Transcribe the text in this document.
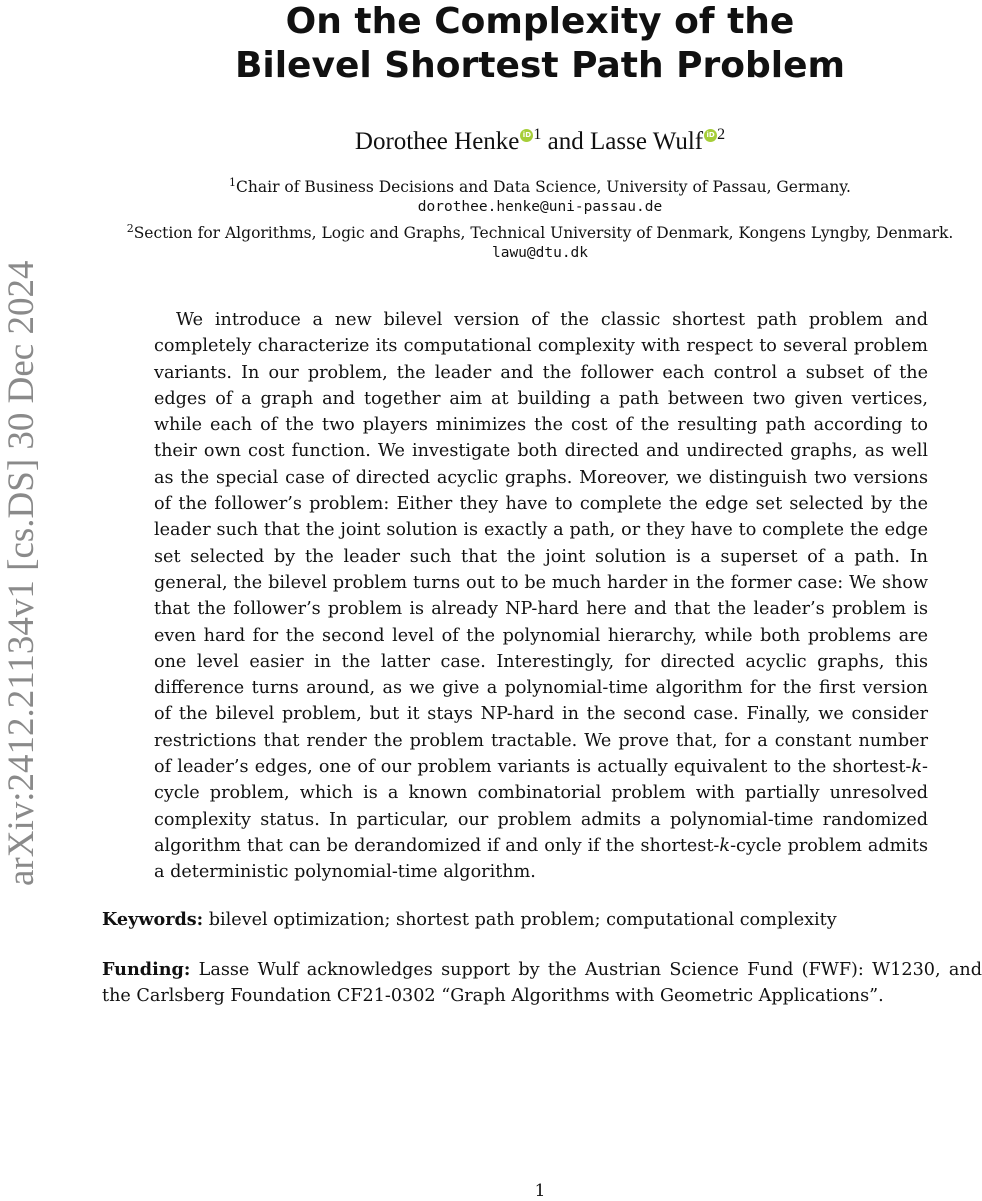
arXiv:2412.21134v1 [cs.DS] 30 Dec 2024
On the Complexity of the
Bilevel Shortest Path Problem
Dorothee Henke iD $^1$ and Lasse Wulf iD $^2$
$^1$Chair of Business Decisions and Data Science, University of Passau, Germany.
dorothee.henke@uni-passau.de
$^2$Section for Algorithms, Logic and Graphs, Technical University of Denmark, Kongens Lyngby, Denmark.
lawu@dtu.dk

We introduce a new bilevel version of the classic shortest path problem and completely characterize its computational complexity with respect to several problem variants. In our problem, the leader and the follower each control a subset of the edges of a graph and together aim at building a path between two given vertices, while each of the two players minimizes the cost of the resulting path according to their own cost function. We investigate both directed and undirected graphs, as well as the special case of directed acyclic graphs. Moreover, we distinguish two versions of the follower’s problem: Either they have to complete the edge set selected by the leader such that the joint solution is exactly a path, or they have to complete the edge set selected by the leader such that the joint solution is a superset of a path. In general, the bilevel problem turns out to be much harder in the former case: We show that the follower’s problem is already NP-hard here and that the leader’s problem is even hard for the second level of the polynomial hierarchy, while both problems are one level easier in the latter case. Interestingly, for directed acyclic graphs, this difference turns around, as we give a polynomial-time algorithm for the first version of the bilevel problem, but it stays NP-hard in the second case. Finally, we consider restrictions that render the problem tractable. We prove that, for a constant number of leader’s edges, one of our problem variants is actually equivalent to the shortest-k-cycle problem, which is a known combinatorial problem with partially unresolved complexity status. In particular, our problem admits a polynomial-time randomized algorithm that can be derandomized if and only if the shortest-k-cycle problem admits a deterministic polynomial-time algorithm.

Keywords: bilevel optimization; shortest path problem; computational complexity

Funding: Lasse Wulf acknowledges support by the Austrian Science Fund (FWF): W1230, and the Carlsberg Foundation CF21-0302 “Graph Algorithms with Geometric Applications”.

1
